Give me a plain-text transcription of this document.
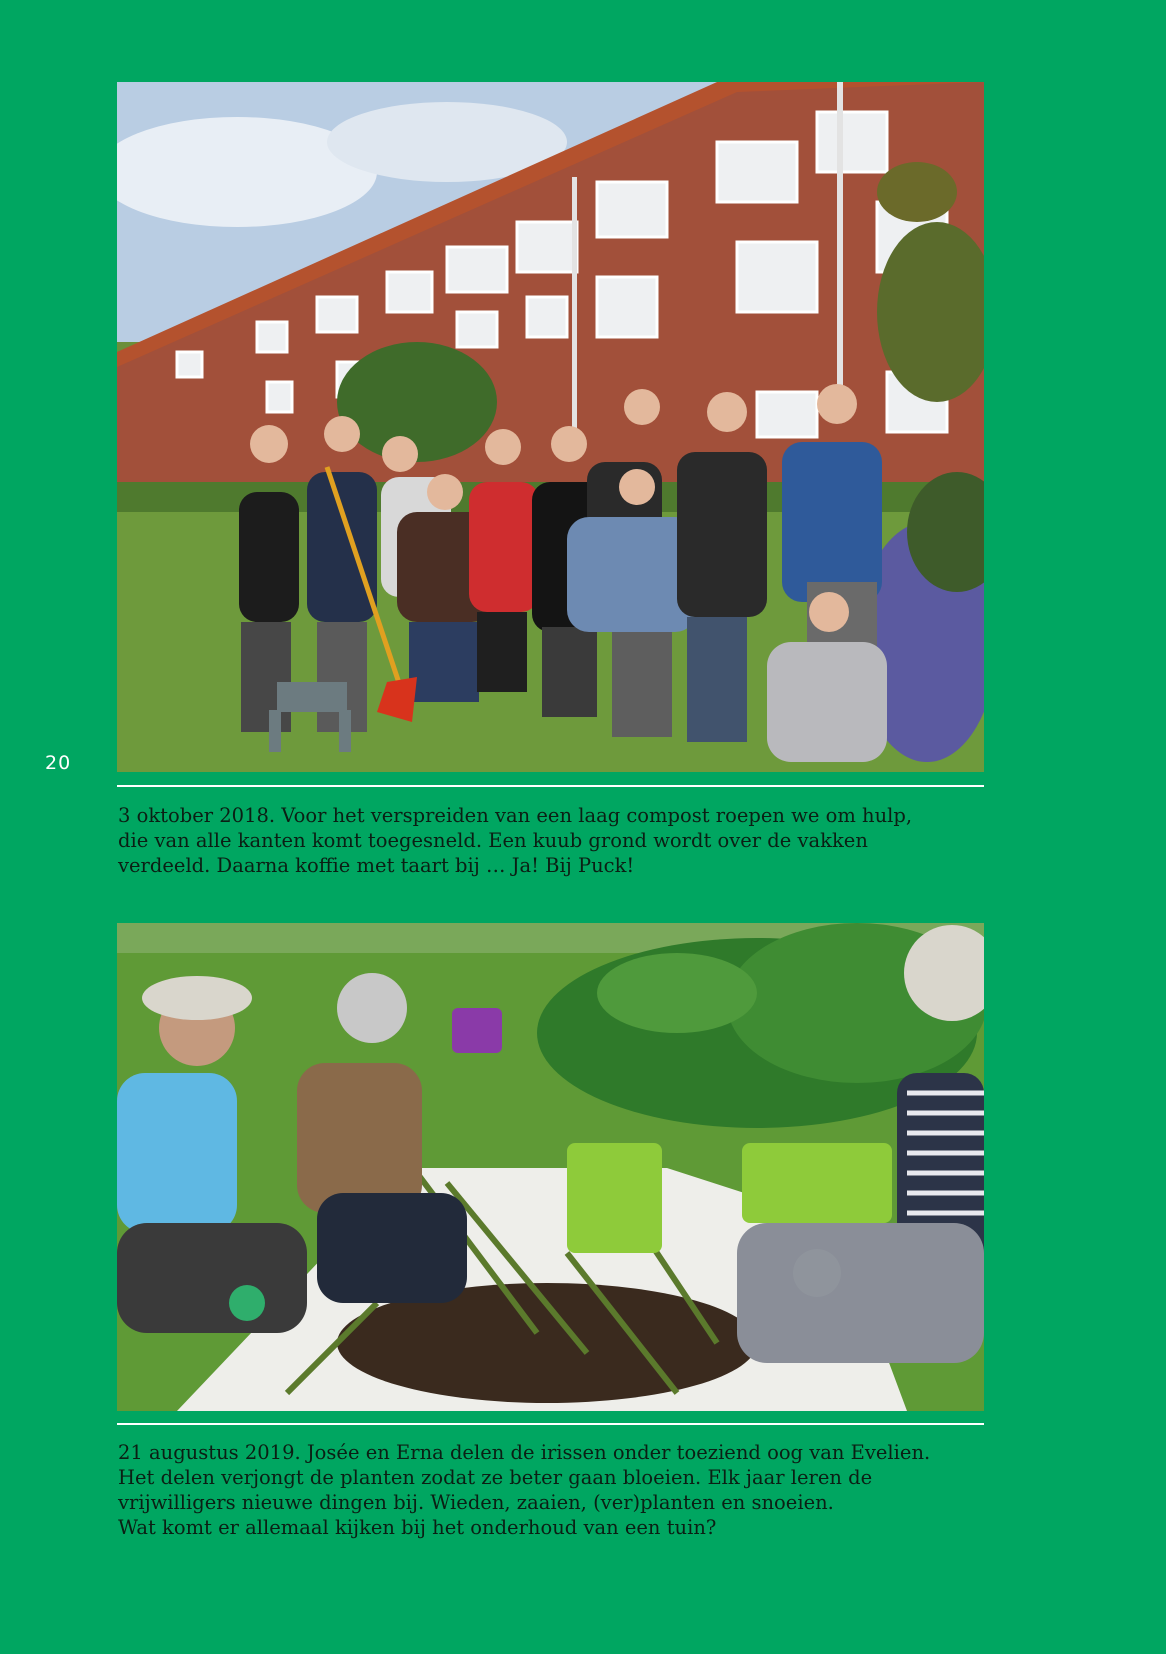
20

3 oktober 2018. Voor het verspreiden van een laag compost roepen we om hulp,

die van alle kanten komt toegesneld. Een kuub grond wordt over de vakken

verdeeld. Daarna koffie met taart bij … Ja! Bij Puck!

21 augustus 2019. Josée en Erna delen de irissen onder toeziend oog van Evelien.

Het delen verjongt de planten zodat ze beter gaan bloeien. Elk jaar leren de

vrijwilligers nieuwe dingen bij. Wieden, zaaien, (ver)planten en snoeien.

Wat komt er allemaal kijken bij het onderhoud van een tuin?
